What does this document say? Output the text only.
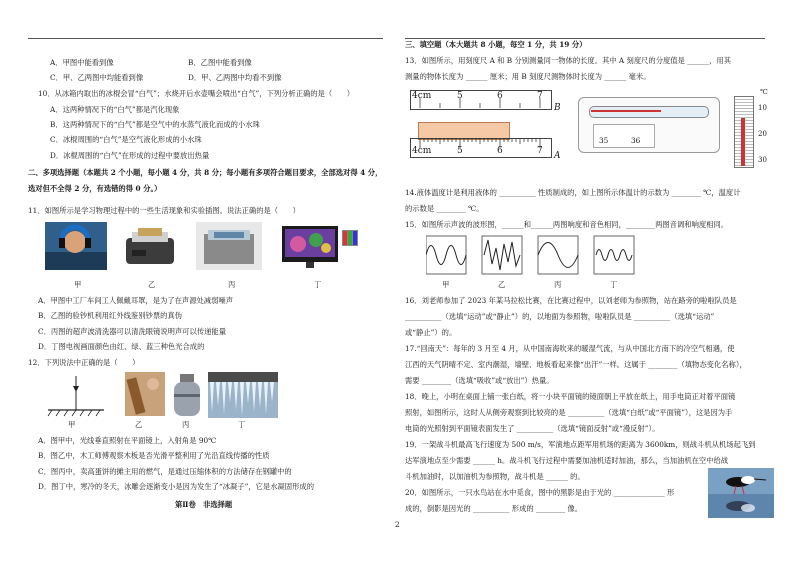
A．甲图中能看到像	B．乙图中能看到像
C．甲、乙两图中均能看到像	D．甲、乙两图中均看不到像
10．从冰箱内取出的冰棍会冒“白气”；水烧开后水壶嘴会喷出“白气”，下列分析正确的是（　　）
A．这两种情况下的“白气”都是汽化现象
B．这两种情况下的“白气”都是空气中的水蒸气液化而成的小水珠
C．冰棍周围的“白气”是空气液化形成的小水珠
D．冰棍周围的“白气”在形成的过程中要放出热量
二、多项选择题（本题共 2 个小题，每小题 4 分，共 8 分；每小题有多项符合题目要求，全部选对得 4 分，
选对但不全得 2 分，有选错的得 0 分。）
11．如图所示是学习物理过程中的一些生活现象和实验插图。说法正确的是（　　）
甲	乙	丙	丁
A．甲图中工厂车间工人佩戴耳罩，是为了在声源处减弱噪声
B．乙图的验钞机利用红外线鉴别钞票的真伪
C．丙图的超声波清洗器可以清洗眼镜说明声可以传递能量
D．丁图电视画面颜色由红、绿、蓝三种色光合成的
12．下列说法中正确的是（　　）
甲	乙	丙	丁
A．图甲中，光线垂直照射在平面镜上，入射角是 90℃
B．图乙中，木工师傅观察木板是否光滑平整利用了光沿直线传播的性质
C．图丙中，卖高蛋饼的摊主用的燃气，是通过压缩体积的方法储存在钢罐中的
D．图丁中，寒冷的冬天，冰雕会逐渐变小是因为发生了“冰凝子”，它是水凝固形成的
第Ⅱ卷　非选择题
三、填空题（本大题共 8 小题，每空 1 分，共 19 分）
13．如图所示，用刻度尺 A 和 B 分别测量同一物体的长度。其中 A 刻度尺的分度值是 ______，用其
测量的物体长度为 ______ 厘米；用 B 刻度尺测物体时长度为 ______ 毫米。
4cm	5	6	7
B
4cm	5	6	7 A
35	36
℃
10
20
30
14.液体温度计是利用液体的 __________ 性质制成的，如上图所示体温计的示数为 ________ ℃，温度计
的示数是 ________ ℃。
15．如图所示声波的波形图，______和______两图响度和音色相同，________两图音调和响度相同。
甲	乙	丙	丁
16．刘老师参加了 2023 年某马拉松比赛，在比赛过程中，以刘老师为参照物，站在路旁的啦啦队员是
__________（选填“运动”或“静止”）的，以地面为参照物，啦啦队员是 __________（选填“运动”
或“静止”）的。
17.“回南天”：每年的 3 月至 4 月，从中国南海吹来的暖湿气流，与从中国北方南下的冷空气相遇，使
江西的天气阴晴不定、室内潮湿，墙壁、地板看起来像“出汗”一样。这属于 ________（填物态变化名称），
需要 ________（选填“吸收”或“放出”）热量。
18．晚上，小明在桌面上铺一张白纸，将一小块平面镜的镜面朝上平放在纸上，用手电筒正对着平面镜
照射，如图所示，这时人从侧旁观察到比较亮的是 __________（选填“白纸”或“平面镜”），这是因为手
电筒的光照射到平面镜表面发生了 __________（选填“镜面反射”或“漫反射”）。
19．一架战斗机最高飞行速度为 500 m/s，军演地点距军用机场的距离为 3600km，则战斗机从机场起飞到
达军演地点至少需要 ______ h。战斗机飞行过程中需要加油机适时加油，那么，当加油机在空中给战
斗机加油时，以加油机为参照物，战斗机是 ______ 的。
20．如图所示，一只水鸟站在水中觅食，图中的黑影是由于光的 ______________ 形
成的，倒影是因光的 __________ 形成的 ________ 像。
2
